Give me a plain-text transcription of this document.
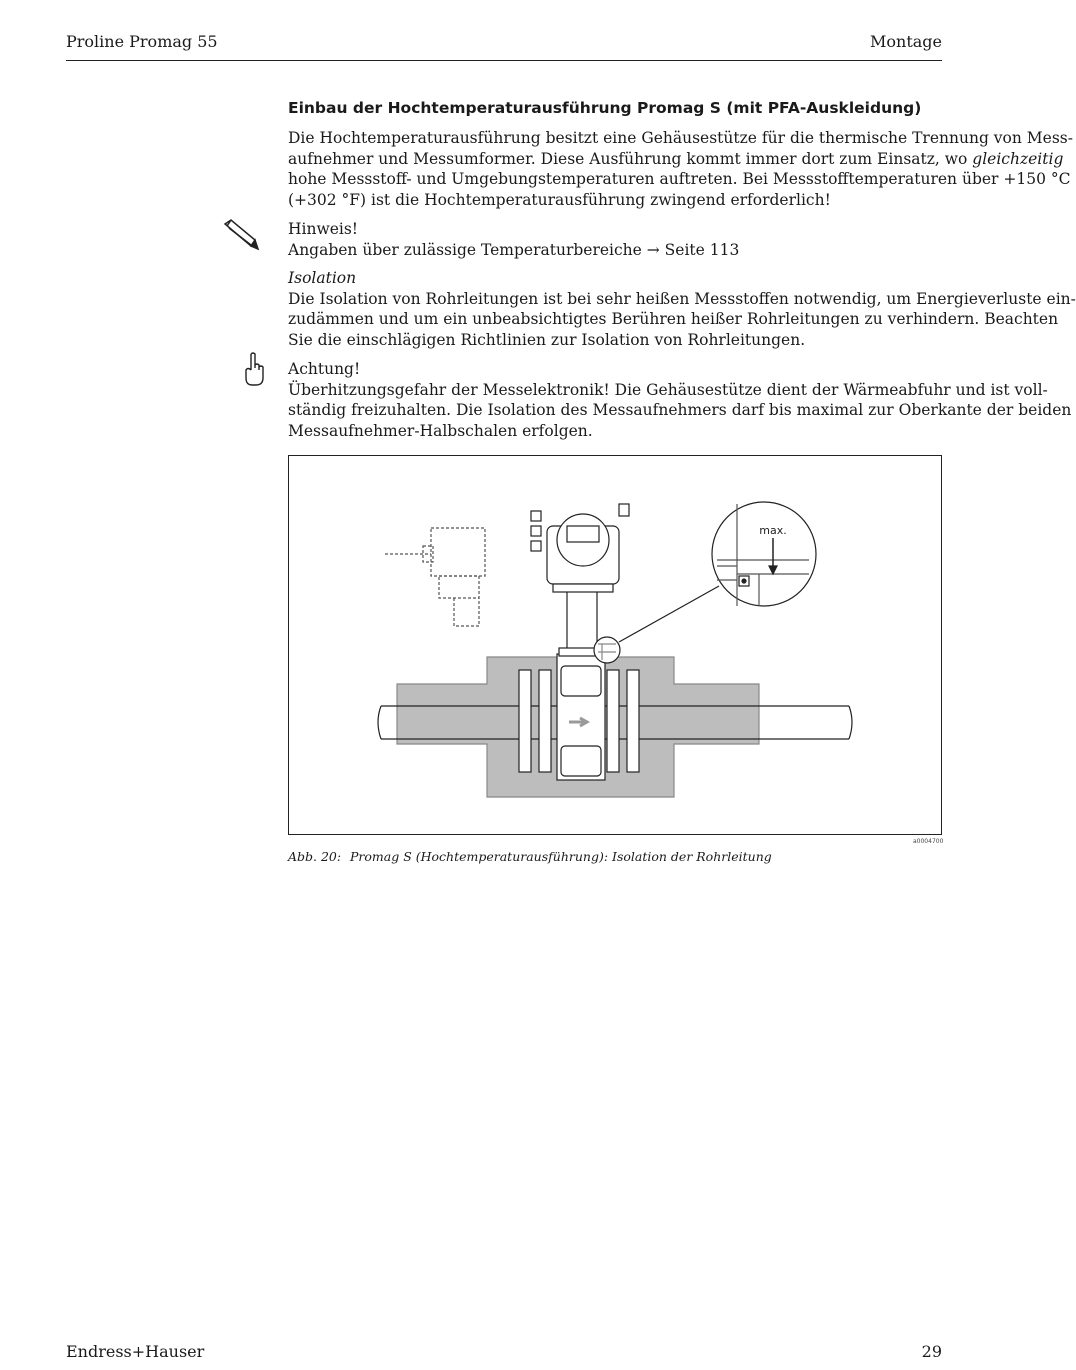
Proline Promag 55	Montage
Einbau der Hochtemperaturausführung Promag S (mit PFA-Auskleidung)
Die Hochtemperaturausführung besitzt eine Gehäusestütze für die thermische Trennung von Mess-
aufnehmer und Messumformer. Diese Ausführung kommt immer dort zum Einsatz, wo gleichzeitig
hohe Messstoff- und Umgebungstemperaturen auftreten. Bei Messstofftemperaturen über +150 °C
(+302 °F) ist die Hochtemperaturausführung zwingend erforderlich!
Hinweis!
Angaben über zulässige Temperaturbereiche → Seite 113
Isolation
Die Isolation von Rohrleitungen ist bei sehr heißen Messstoffen notwendig, um Energieverluste ein-
zudämmen und um ein unbeabsichtigtes Berühren heißer Rohrleitungen zu verhindern. Beachten
Sie die einschlägigen Richtlinien zur Isolation von Rohrleitungen.
Achtung!
Überhitzungsgefahr der Messelektronik! Die Gehäusestütze dient der Wärmeabfuhr und ist voll-
ständig freizuhalten. Die Isolation des Messaufnehmers darf bis maximal zur Oberkante der beiden
Messaufnehmer-Halbschalen erfolgen.
max.
a0004700
Abb. 20: Promag S (Hochtemperaturausführung): Isolation der Rohrleitung
Endress+Hauser	29
